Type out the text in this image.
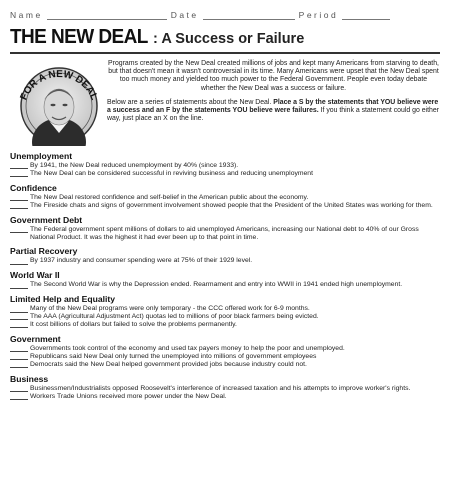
Name	Date	Period
THE NEW DEAL : A Success or Failure
FOR A NEW DEAL

Programs created by the New Deal created millions of jobs and kept many Americans from starving to death, but that doesn't mean it wasn't controversial in its time. Many Americans were upset that the New Deal spent too much money and yielded too much power to the Federal Government. People even today debate whether the New Deal was a success or failure.

Below are a series of statements about the New Deal. Place a S by the statements that YOU believe were a success and an F by the statements YOU believe were failures. If you think a statement could go either way, just place an X on the line.

Unemployment
By 1941, the New Deal reduced unemployment by 40% (since 1933).
The New Deal can be considered successful in reviving business and reducing unemployment
Confidence
The New Deal restored confidence and self-belief in the American public about the economy.
The Fireside chats and signs of government involvement showed people that the President of the United States was working for them.
Government Debt
The Federal government spent millions of dollars to aid unemployed Americans, increasing our National debt to 40% of our Gross National Product. It was the highest it had ever been up to that point in time.
Partial Recovery
By 1937 industry and consumer spending were at 75% of their 1929 level.
World War II
The Second World War is why the Depression ended. Rearmament and entry into WWII in 1941 ended high unemployment.
Limited Help and Equality
Many of the New Deal programs were only temporary - the CCC offered work for 6-9 months.
The AAA (Agricultural Adjustment Act) quotas led to millions of poor black farmers being evicted.
It cost billions of dollars but failed to solve the problems permanently.
Government
Governments took control of the economy and used tax payers money to help the poor and unemployed.
Republicans said New Deal only turned the unemployed into millions of government employees
Democrats said the New Deal helped government provided jobs because industry could not.
Business
Businessmen/Industrialists opposed Roosevelt's interference of increased taxation and his attempts to improve worker's rights.
Workers Trade Unions received more power under the New Deal.
